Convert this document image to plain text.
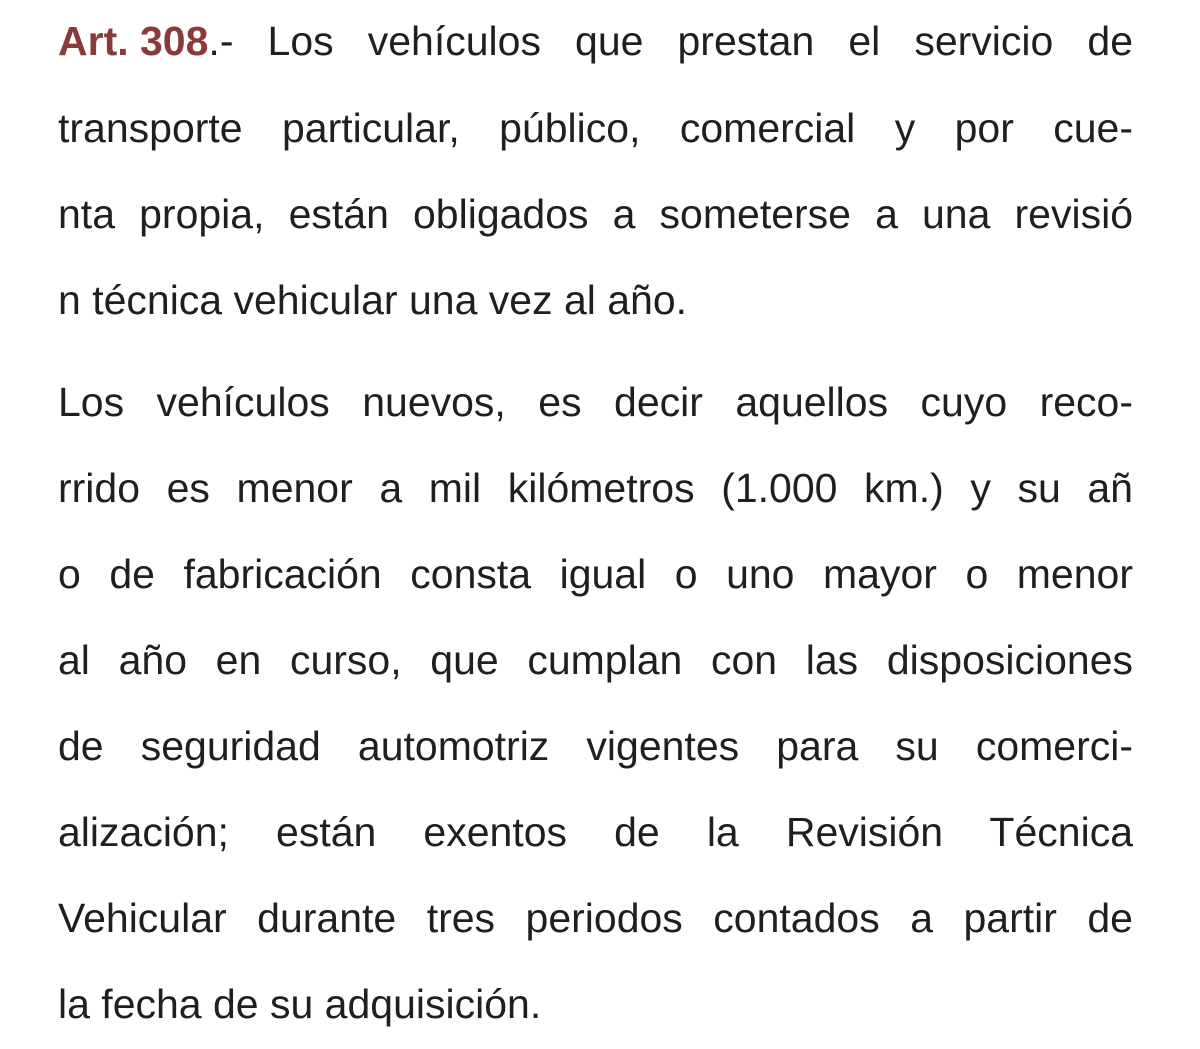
Art. 308 .- Los vehículos que prestan el servicio de
transporte particular, público, comercial y por cue-
nta propia, están obligados a someterse a una revisió
n técnica vehicular una vez al año.
Los vehículos nuevos, es decir aquellos cuyo reco-
rrido es menor a mil kilómetros (1.000 km.) y su añ
o de fabricación consta igual o uno mayor o menor
al año en curso, que cumplan con las disposiciones
de seguridad automotriz vigentes para su comerci-
alización; están exentos de la Revisión Técnica
Vehicular durante tres periodos contados a partir de
la fecha de su adquisición.
